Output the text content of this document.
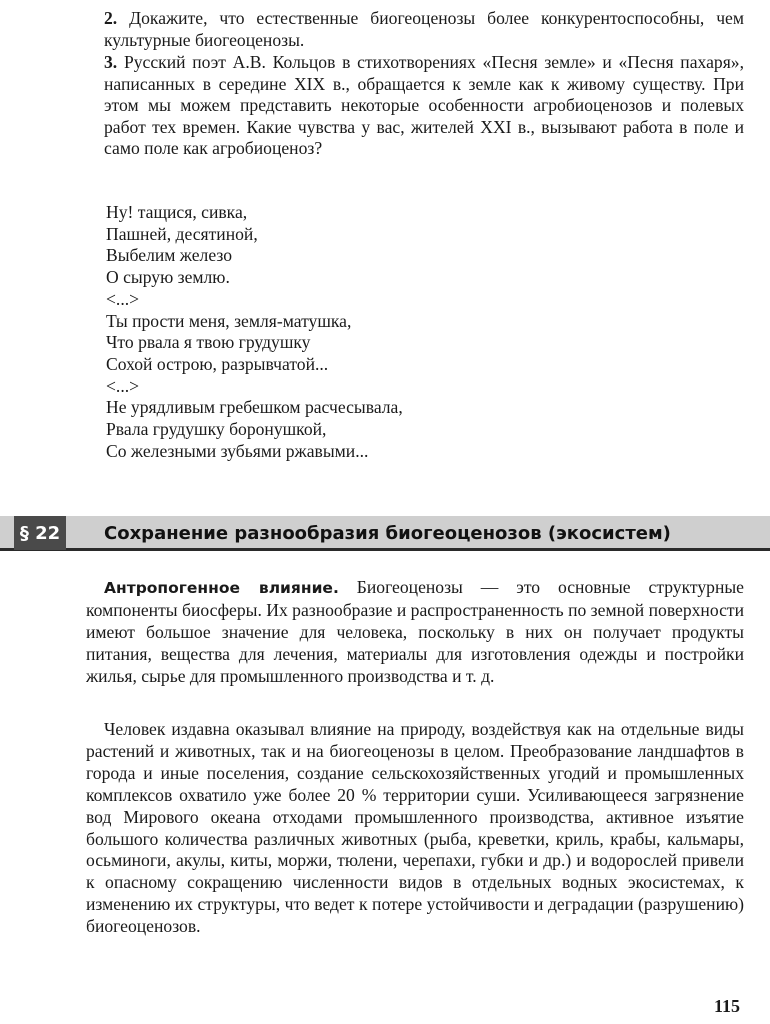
2. Докажите, что естественные биогеоценозы более конкурентоспособны, чем культурные биогеоценозы.

3. Русский поэт А.В. Кольцов в стихотворениях «Песня земле» и «Песня пахаря», написанных в середине XIX в., обращается к земле как к живому существу. При этом мы можем представить некоторые особенности агробиоценозов и полевых работ тех времен. Какие чувства у вас, жителей XXI в., вызывают работа в поле и само поле как агробиоценоз?

Ну! тащися, сивка,
Пашней, десятиной,
Выбелим железо
О сырую землю.
<...>
Ты прости меня, земля-матушка,
Что рвала я твою грудушку
Сохой острою, разрывчатой...
<...>
Не урядливым гребешком расчесывала,
Рвала грудушку боронушкой,
Со железными зубьями ржавыми...
§ 22	Сохранение разнообразия биогеоценозов (экосистем)

Антропогенное влияние. Биогеоценозы — это основные структурные компоненты биосферы. Их разнообразие и распространенность по земной поверхности имеют большое значение для человека, поскольку в них он получает продукты питания, вещества для лечения, материалы для изготовления одежды и постройки жилья, сырье для промышленного производства и т. д.

Человек издавна оказывал влияние на природу, воздействуя как на отдельные виды растений и животных, так и на биогеоценозы в целом. Преобразование ландшафтов в города и иные поселения, создание сельскохозяйственных угодий и промышленных комплексов охватило уже более 20 % территории суши. Усиливающееся загрязнение вод Мирового океана отходами промышленного производства, активное изъятие большого количества различных животных (рыба, креветки, криль, крабы, кальмары, осьминоги, акулы, киты, моржи, тюлени, черепахи, губки и др.) и водорослей привели к опасному сокращению численности видов в отдельных водных экосистемах, к изменению их структуры, что ведет к потере устойчивости и деградации (разрушению) биогеоценозов.

115
